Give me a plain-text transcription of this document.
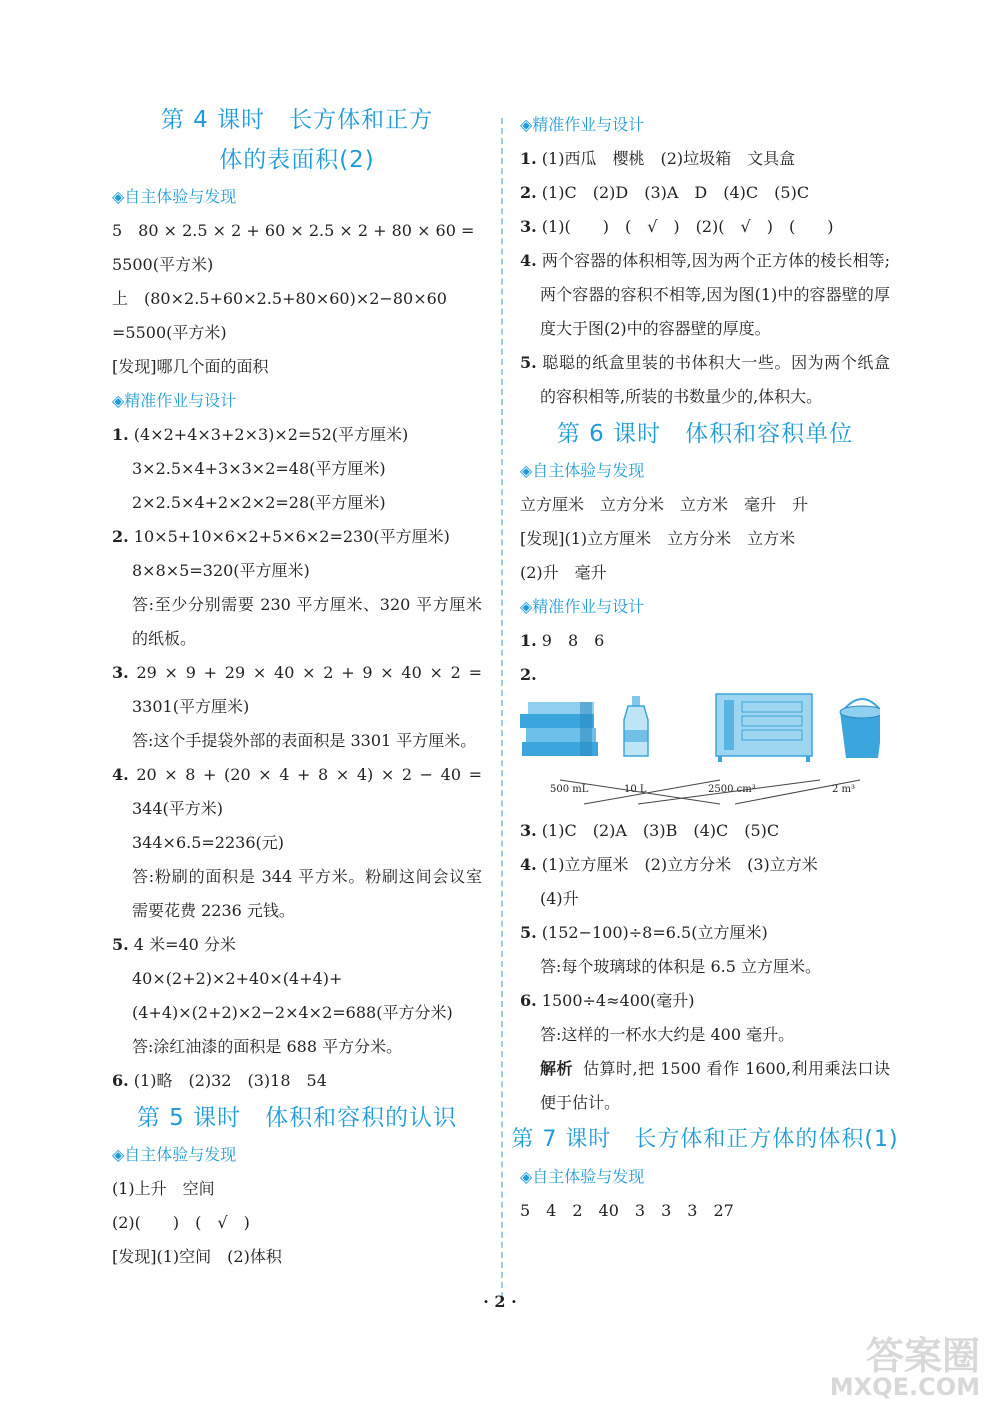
第 4 课时　长方体和正方
体的表面积(2)
◈自主体验与发现
5　80 × 2.5 × 2 + 60 × 2.5 × 2 + 80 × 60 =
5500(平方米)
上　(80×2.5+60×2.5+80×60)×2−80×60
=5500(平方米)
[发现]哪几个面的面积
◈精准作业与设计
1. (4×2+4×3+2×3)×2=52(平方厘米)
3×2.5×4+3×3×2=48(平方厘米)
2×2.5×4+2×2×2=28(平方厘米)
2. 10×5+10×6×2+5×6×2=230(平方厘米)
8×8×5=320(平方厘米)
答:至少分别需要 230 平方厘米、320 平方厘米的纸板。
3. 29 × 9 + 29 × 40 × 2 + 9 × 40 × 2 = 3301(平方厘米)
答:这个手提袋外部的表面积是 3301 平方厘米。
4. 20 × 8 + (20 × 4 + 8 × 4) × 2 − 40 = 344(平方米)
344×6.5=2236(元)
答:粉刷的面积是 344 平方米。粉刷这间会议室需要花费 2236 元钱。
5. 4 米=40 分米
40×(2+2)×2+40×(4+4)+(4+4)×(2+2)×2−2×4×2=688(平方分米)
答:涂红油漆的面积是 688 平方分米。
6. (1)略　(2)32　(3)18　54
第 5 课时　体积和容积的认识
◈自主体验与发现
(1)上升　空间
(2)(　　)　(　√　)
[发现](1)空间　(2)体积
◈精准作业与设计
1. (1)西瓜　樱桃　(2)垃圾箱　文具盒
2. (1)C　(2)D　(3)A　D　(4)C　(5)C
3. (1)(　　)　(　√　)　(2)(　√　)　(　　)
4. 两个容器的体积相等,因为两个正方体的棱长相等;两个容器的容积不相等,因为图(1)中的容器壁的厚度大于图(2)中的容器壁的厚度。
5. 聪聪的纸盒里装的书体积大一些。因为两个纸盒的容积相等,所装的书数量少的,体积大。
第 6 课时　体积和容积单位
◈自主体验与发现
立方厘米　立方分米　立方米　毫升　升
[发现](1)立方厘米　立方分米　立方米
(2)升　毫升
◈精准作业与设计
1. 9　8　6
2.
500 mL	10 L	2500 cm³	2 m³
3. (1)C　(2)A　(3)B　(4)C　(5)C
4. (1)立方厘米　(2)立方分米　(3)立方米
(4)升
5. (152−100)÷8=6.5(立方厘米)
答:每个玻璃球的体积是 6.5 立方厘米。
6. 1500÷4≈400(毫升)
答:这样的一杯水大约是 400 毫升。
解析 估算时,把 1500 看作 1600,利用乘法口诀便于估计。
第 7 课时　长方体和正方体的体积(1)
◈自主体验与发现
5　4　2　40　3　3　3　27
· 2 ·
答案圈
MXQE.COM
